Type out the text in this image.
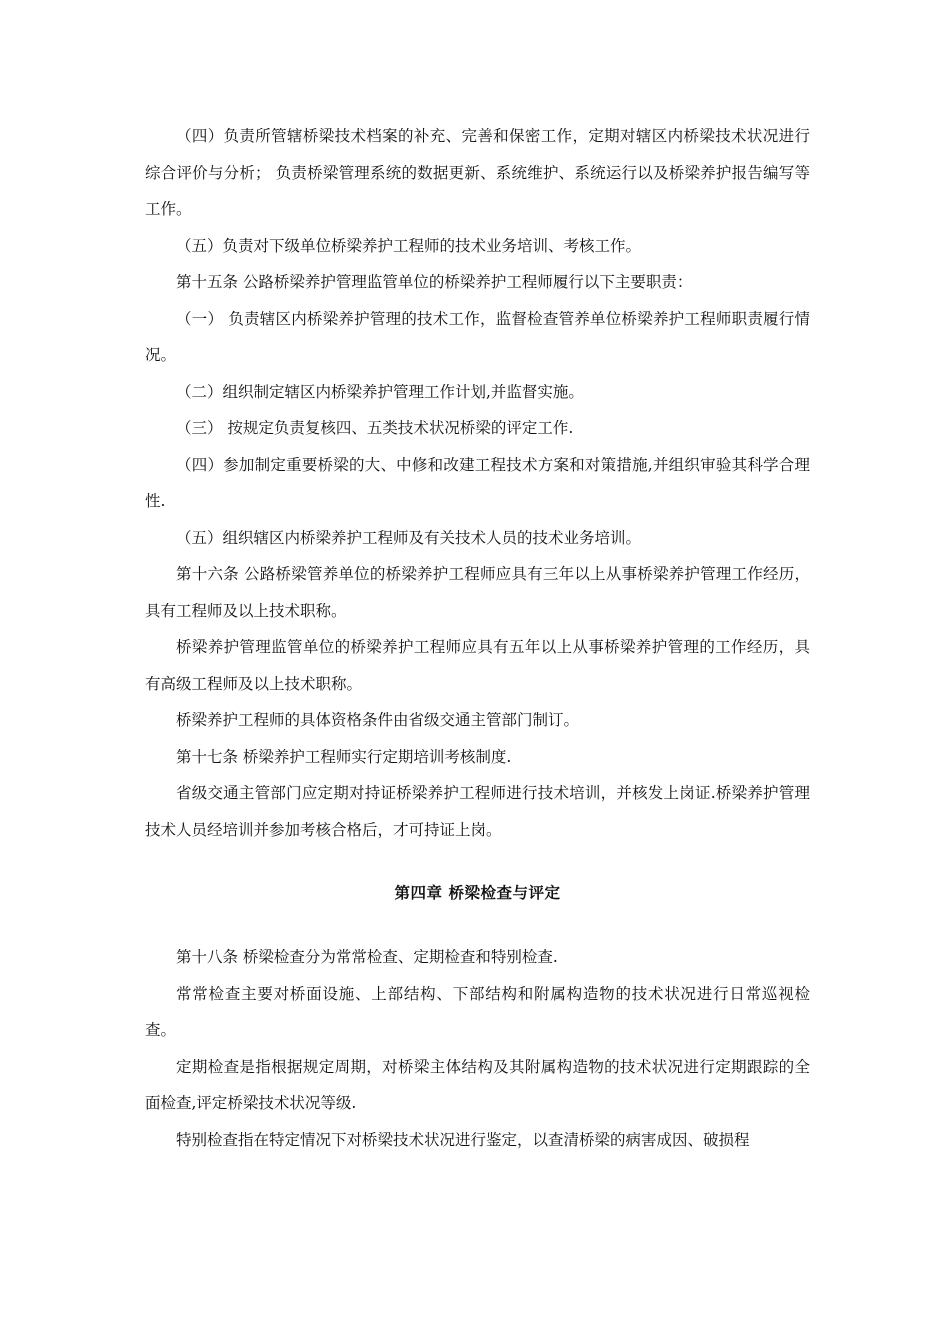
（四）负责所管辖桥梁技术档案的补充、完善和保密工作，定期对辖区内桥梁技术状况进行综合评价与分析； 负责桥梁管理系统的数据更新、系统维护、系统运行以及桥梁养护报告编写等工作。

（五）负责对下级单位桥梁养护工程师的技术业务培训、考核工作。

第十五条 公路桥梁养护管理监管单位的桥梁养护工程师履行以下主要职责：

（一） 负责辖区内桥梁养护管理的技术工作，监督检查管养单位桥梁养护工程师职责履行情况。

（二）组织制定辖区内桥梁养护管理工作计划,并监督实施。

（三） 按规定负责复核四、五类技术状况桥梁的评定工作.

（四）参加制定重要桥梁的大、中修和改建工程技术方案和对策措施,并组织审验其科学合理性.

（五）组织辖区内桥梁养护工程师及有关技术人员的技术业务培训。

第十六条 公路桥梁管养单位的桥梁养护工程师应具有三年以上从事桥梁养护管理工作经历，具有工程师及以上技术职称。

桥梁养护管理监管单位的桥梁养护工程师应具有五年以上从事桥梁养护管理的工作经历，具有高级工程师及以上技术职称。

桥梁养护工程师的具体资格条件由省级交通主管部门制订。

第十七条 桥梁养护工程师实行定期培训考核制度.

省级交通主管部门应定期对持证桥梁养护工程师进行技术培训，并核发上岗证.桥梁养护管理技术人员经培训并参加考核合格后，才可持证上岗。

第四章 桥梁检查与评定

第十八条 桥梁检查分为常常检查、定期检查和特别检查.

常常检查主要对桥面设施、上部结构、下部结构和附属构造物的技术状况进行日常巡视检查。

定期检查是指根据规定周期，对桥梁主体结构及其附属构造物的技术状况进行定期跟踪的全面检查,评定桥梁技术状况等级.

特别检查指在特定情况下对桥梁技术状况进行鉴定，以查清桥梁的病害成因、破损程
